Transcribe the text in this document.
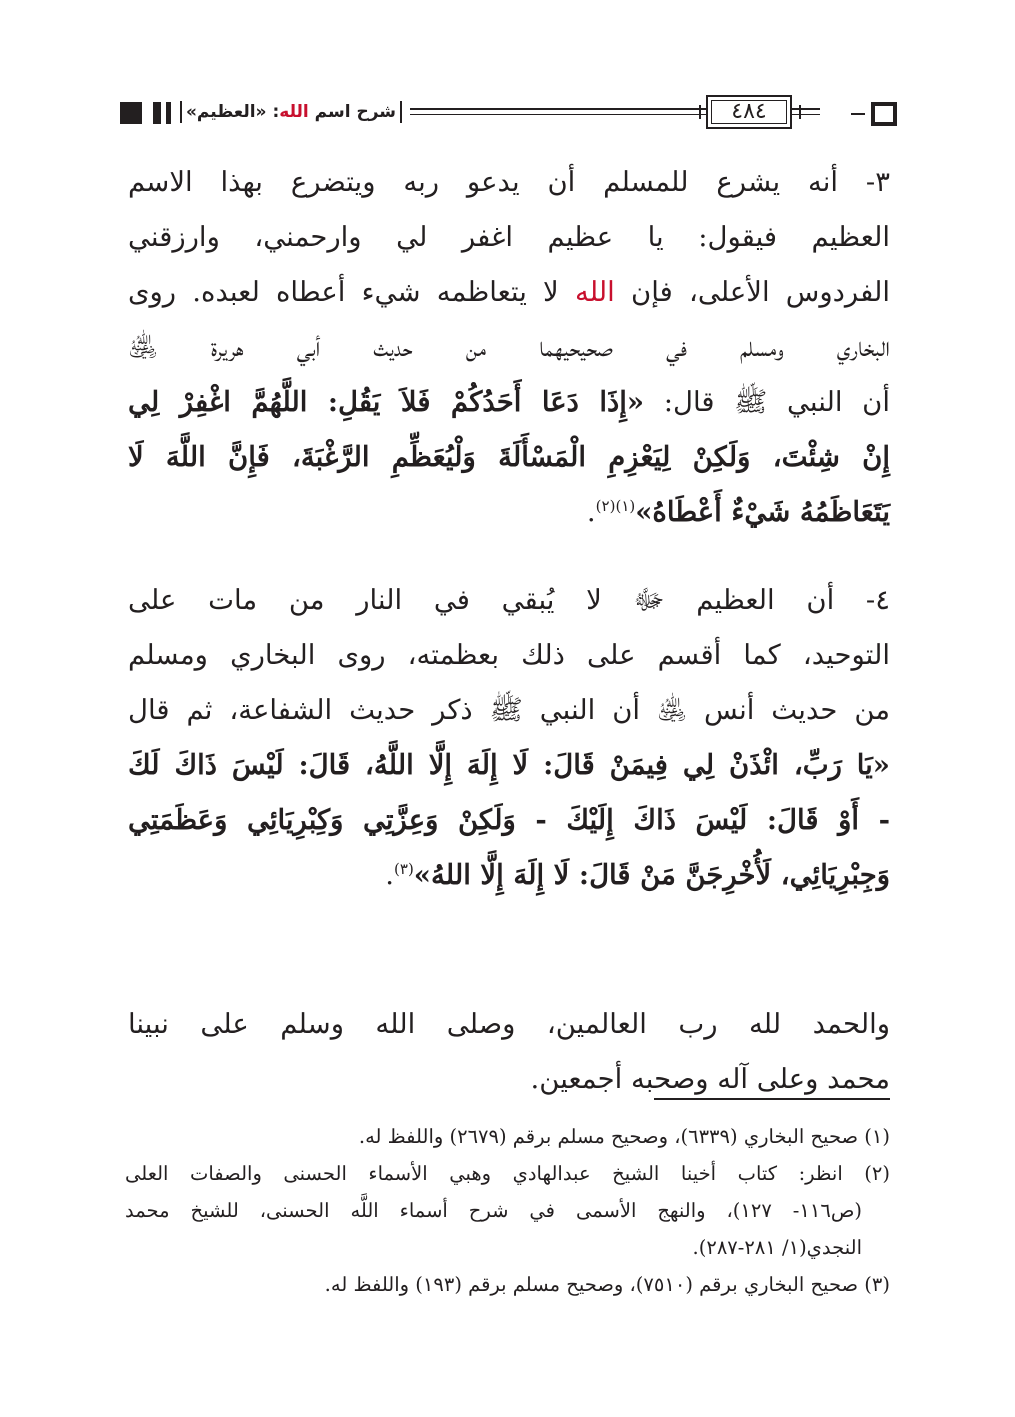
شرح اسم الله: «العظيم»	٤٨٤
٣- أنه يشرع للمسلم أن يدعو ربه ويتضرع بهذا الاسم
العظيم فيقول: يا عظيم اغفر لي وارحمني، وارزقني
الفردوس الأعلى، فإن الله لا يتعاظمه شيء أعطاه لعبده. روى
البخاري ومسلم في صحيحيهما من حديث أبي هريرة ﵁
أن النبي ﷺ قال: «إِذَا دَعَا أَحَدُكُمْ فَلاَ يَقُلِ: اللَّهُمَّ اغْفِرْ لِي
إِنْ شِئْتَ، وَلَكِنْ لِيَعْزِمِ الْمَسْأَلَةَ وَلْيُعَظِّمِ الرَّغْبَةَ، فَإِنَّ اللَّهَ لَا
يَتَعَاظَمُهُ شَيْءٌ أَعْطَاهُ»$^{(١)(٢)}$.
٤- أن العظيم ﷻ لا يُبقي في النار من مات على
التوحيد، كما أقسم على ذلك بعظمته، روى البخاري ومسلم
من حديث أنس ﵁ أن النبي ﷺ ذكر حديث الشفاعة، ثم قال
«يَا رَبِّ، ائْذَنْ لِي فِيمَنْ قَالَ: لَا إِلَهَ إِلَّا اللَّهُ، قَالَ: لَيْسَ ذَاكَ لَكَ
- أَوْ قَالَ: لَيْسَ ذَاكَ إِلَيْكَ - وَلَكِنْ وَعِزَّتِي وَكِبْرِيَائِي وَعَظَمَتِي
وَجِبْرِيَائِي، لَأُخْرِجَنَّ مَنْ قَالَ: لَا إِلَهَ إِلَّا اللهُ»$^{(٣)}$.
والحمد لله رب العالمين، وصلى الله وسلم على نبينا
محمد وعلى آله وصحبه أجمعين.
(١) صحيح البخاري (٦٣٣٩)، وصحيح مسلم برقم (٢٦٧٩) واللفظ له.
(٢) انظر: كتاب أخينا الشيخ عبدالهادي وهبي الأسماء الحسنى والصفات العلى
(ص١١٦- ١٢٧)، والنهج الأسمى في شرح أسماء اللَّه الحسنى، للشيخ محمد
النجدي(١/ ٢٨١-٢٨٧).
(٣) صحيح البخاري برقم (٧٥١٠)، وصحيح مسلم برقم (١٩٣) واللفظ له.
